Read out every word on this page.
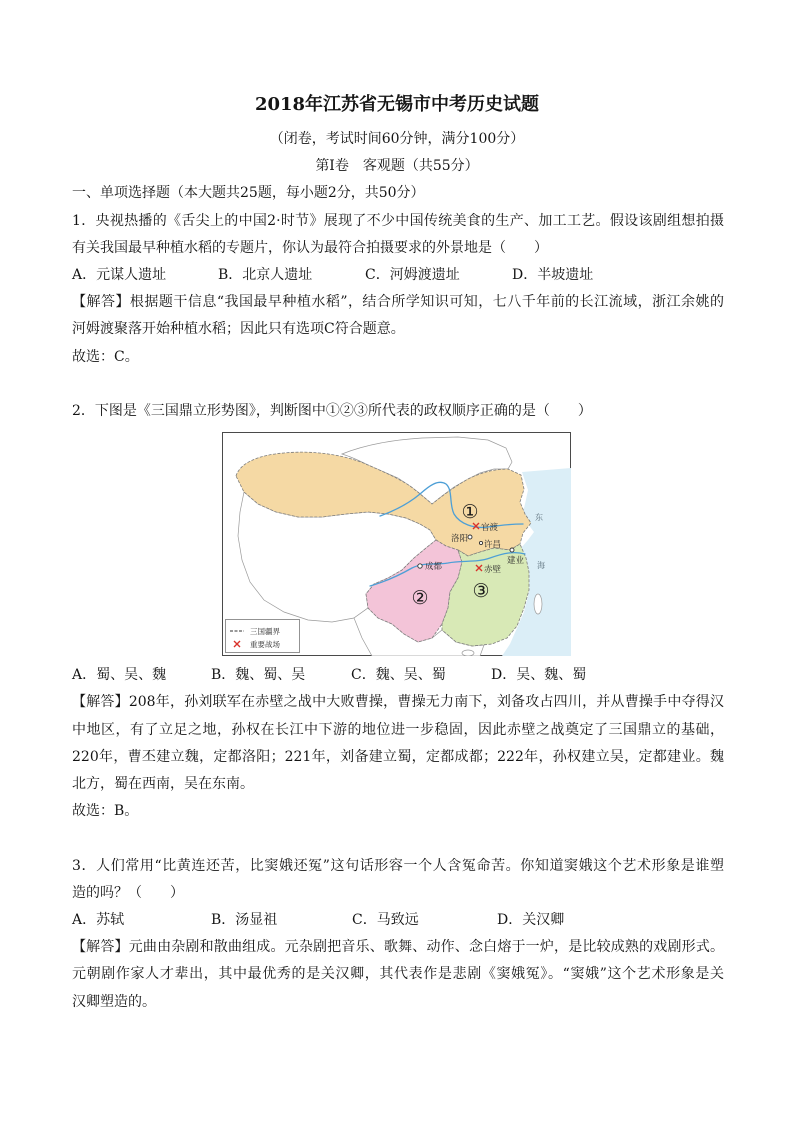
2018年江苏省无锡市中考历史试题
（闭卷，考试时间60分钟，满分100分）
第Ⅰ卷　客观题（共55分）
一、单项选择题（本大题共25题，每小题2分，共50分）
1．央视热播的《舌尖上的中国2·时节》展现了不少中国传统美食的生产、加工工艺。假设该剧组想拍摄
有关我国最早种植水稻的专题片，你认为最符合拍摄要求的外景地是（　　）
A．元谋人遗址	B．北京人遗址	C．河姆渡遗址	D．半坡遗址
【解答】根据题干信息“我国最早种植水稻”，结合所学知识可知，七八千年前的长江流域，浙江余姚的
河姆渡聚落开始种植水稻；因此只有选项C符合题意。
故选：C。
2．下图是《三国鼎立形势图》，判断图中①②③所代表的政权顺序正确的是（　　）
①
② ③
官渡
洛阳
许昌
成都	赤壁
建业
东
海
三国疆界
重要战场
A．蜀、吴、魏	B．魏、蜀、吴	C．魏、吴、蜀	D．吴、魏、蜀
【解答】208年，孙刘联军在赤壁之战中大败曹操，曹操无力南下，刘备攻占四川，并从曹操手中夺得汉
中地区，有了立足之地，孙权在长江中下游的地位进一步稳固，因此赤壁之战奠定了三国鼎立的基础，
220年，曹丕建立魏，定都洛阳；221年，刘备建立蜀，定都成都；222年，孙权建立吴，定都建业。魏
北方，蜀在西南，吴在东南。
故选：B。
3．人们常用“比黄连还苦，比窦娥还冤”这句话形容一个人含冤命苦。你知道窦娥这个艺术形象是谁塑
造的吗？（　　）
A．苏轼	B．汤显祖	C．马致远	D．关汉卿
【解答】元曲由杂剧和散曲组成。元杂剧把音乐、歌舞、动作、念白熔于一炉，是比较成熟的戏剧形式。
元朝剧作家人才辈出，其中最优秀的是关汉卿，其代表作是悲剧《窦娥冤》。“窦娥”这个艺术形象是关
汉卿塑造的。
